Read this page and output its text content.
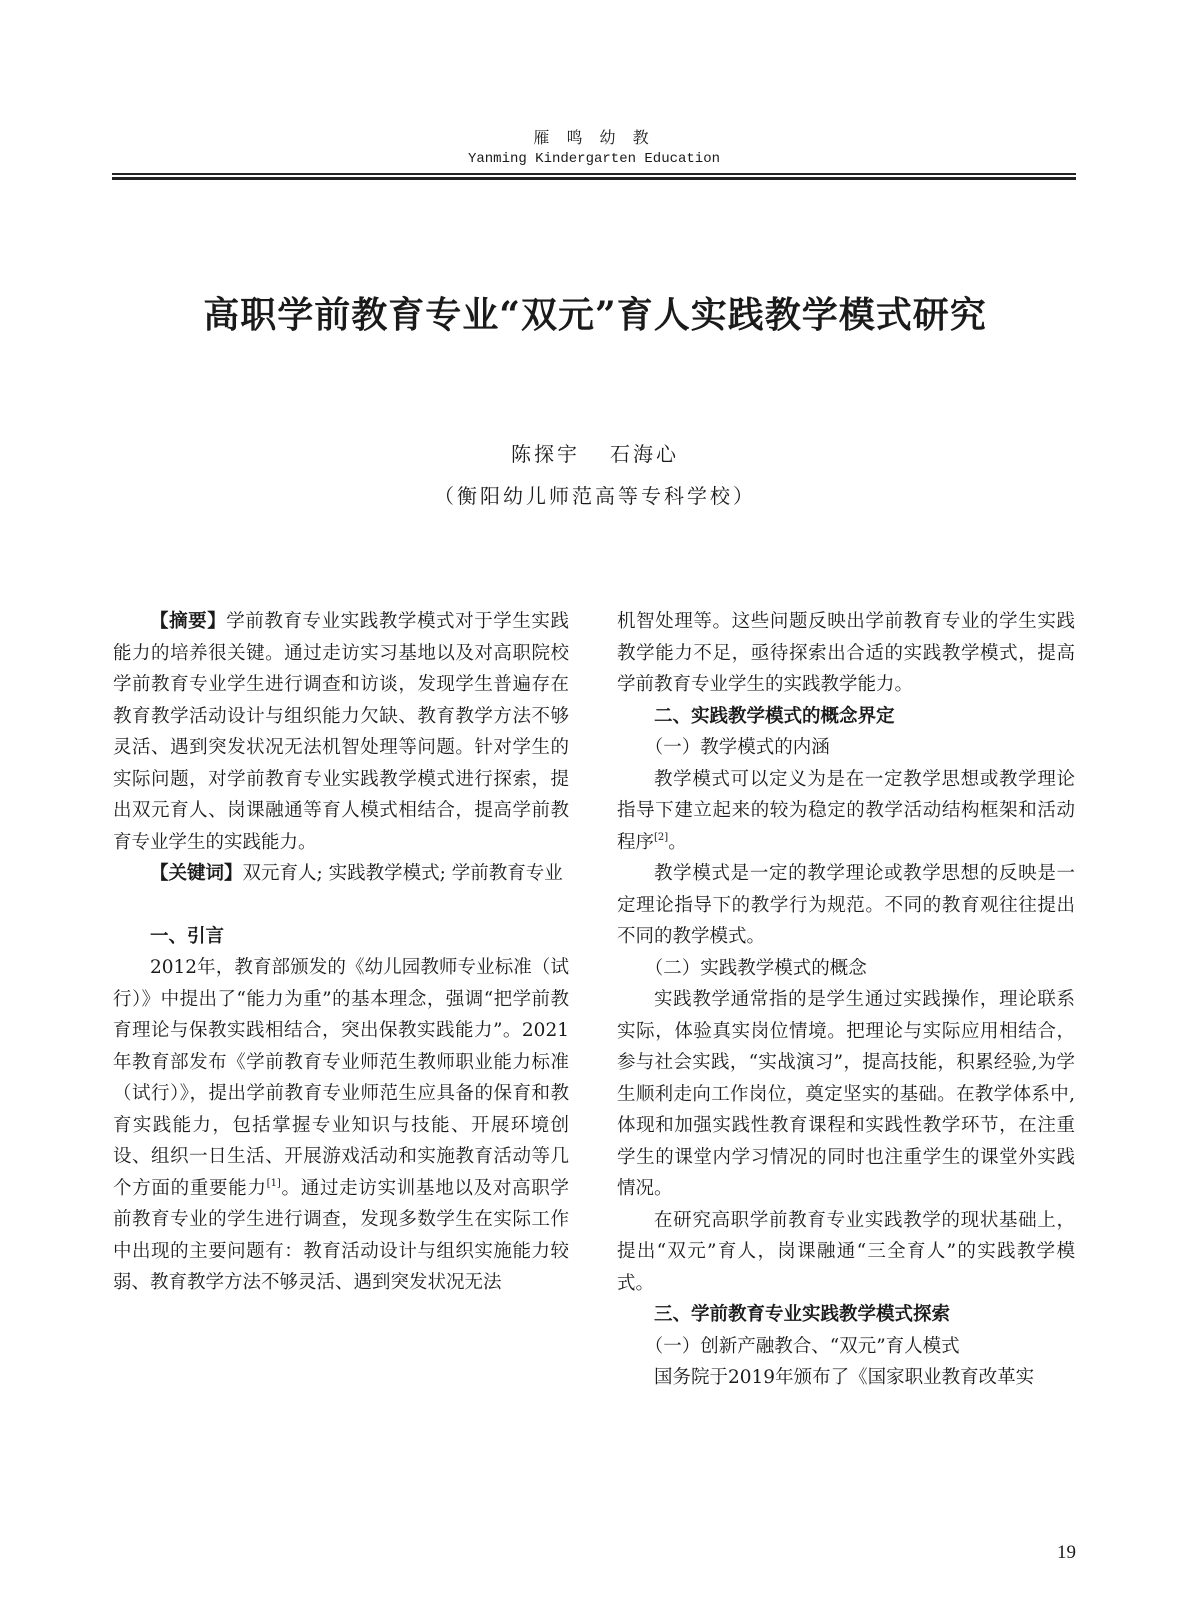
雁 鸣 幼 教
Yanming Kindergarten Education
高职学前教育专业“双元”育人实践教学模式研究
陈探宇 石海心
（衡阳幼儿师范高等专科学校）

【摘要】学前教育专业实践教学模式对于学生实践能力的培养很关键。通过走访实习基地以及对高职院校学前教育专业学生进行调查和访谈，发现学生普遍存在教育教学活动设计与组织能力欠缺、教育教学方法不够灵活、遇到突发状况无法机智处理等问题。针对学生的实际问题，对学前教育专业实践教学模式进行探索，提出双元育人、岗课融通等育人模式相结合，提高学前教育专业学生的实践能力。

【关键词】双元育人; 实践教学模式; 学前教育专业

一、引言

2012年，教育部颁发的《幼儿园教师专业标准（试行）》中提出了“能力为重”的基本理念，强调“把学前教育理论与保教实践相结合，突出保教实践能力”。2021年教育部发布《学前教育专业师范生教师职业能力标准（试行）》，提出学前教育专业师范生应具备的保育和教育实践能力，包括掌握专业知识与技能、开展环境创设、组织一日生活、开展游戏活动和实施教育活动等几个方面的重要能力[1]。通过走访实训基地以及对高职学前教育专业的学生进行调查，发现多数学生在实际工作中出现的主要问题有：教育活动设计与组织实施能力较弱、教育教学方法不够灵活、遇到突发状况无法

机智处理等。这些问题反映出学前教育专业的学生实践教学能力不足，亟待探索出合适的实践教学模式，提高学前教育专业学生的实践教学能力。

二、实践教学模式的概念界定

（一）教学模式的内涵

教学模式可以定义为是在一定教学思想或教学理论指导下建立起来的较为稳定的教学活动结构框架和活动程序[2]。

教学模式是一定的教学理论或教学思想的反映是一定理论指导下的教学行为规范。不同的教育观往往提出不同的教学模式。

（二）实践教学模式的概念

实践教学通常指的是学生通过实践操作，理论联系实际，体验真实岗位情境。把理论与实际应用相结合，参与社会实践，“实战演习”，提高技能，积累经验,为学生顺利走向工作岗位，奠定坚实的基础。在教学体系中,体现和加强实践性教育课程和实践性教学环节，在注重学生的课堂内学习情况的同时也注重学生的课堂外实践情况。

在研究高职学前教育专业实践教学的现状基础上，提出“双元”育人，岗课融通“三全育人”的实践教学模式。

三、学前教育专业实践教学模式探索

（一）创新产融教合、“双元”育人模式

国务院于2019年颁布了《国家职业教育改革实

19
